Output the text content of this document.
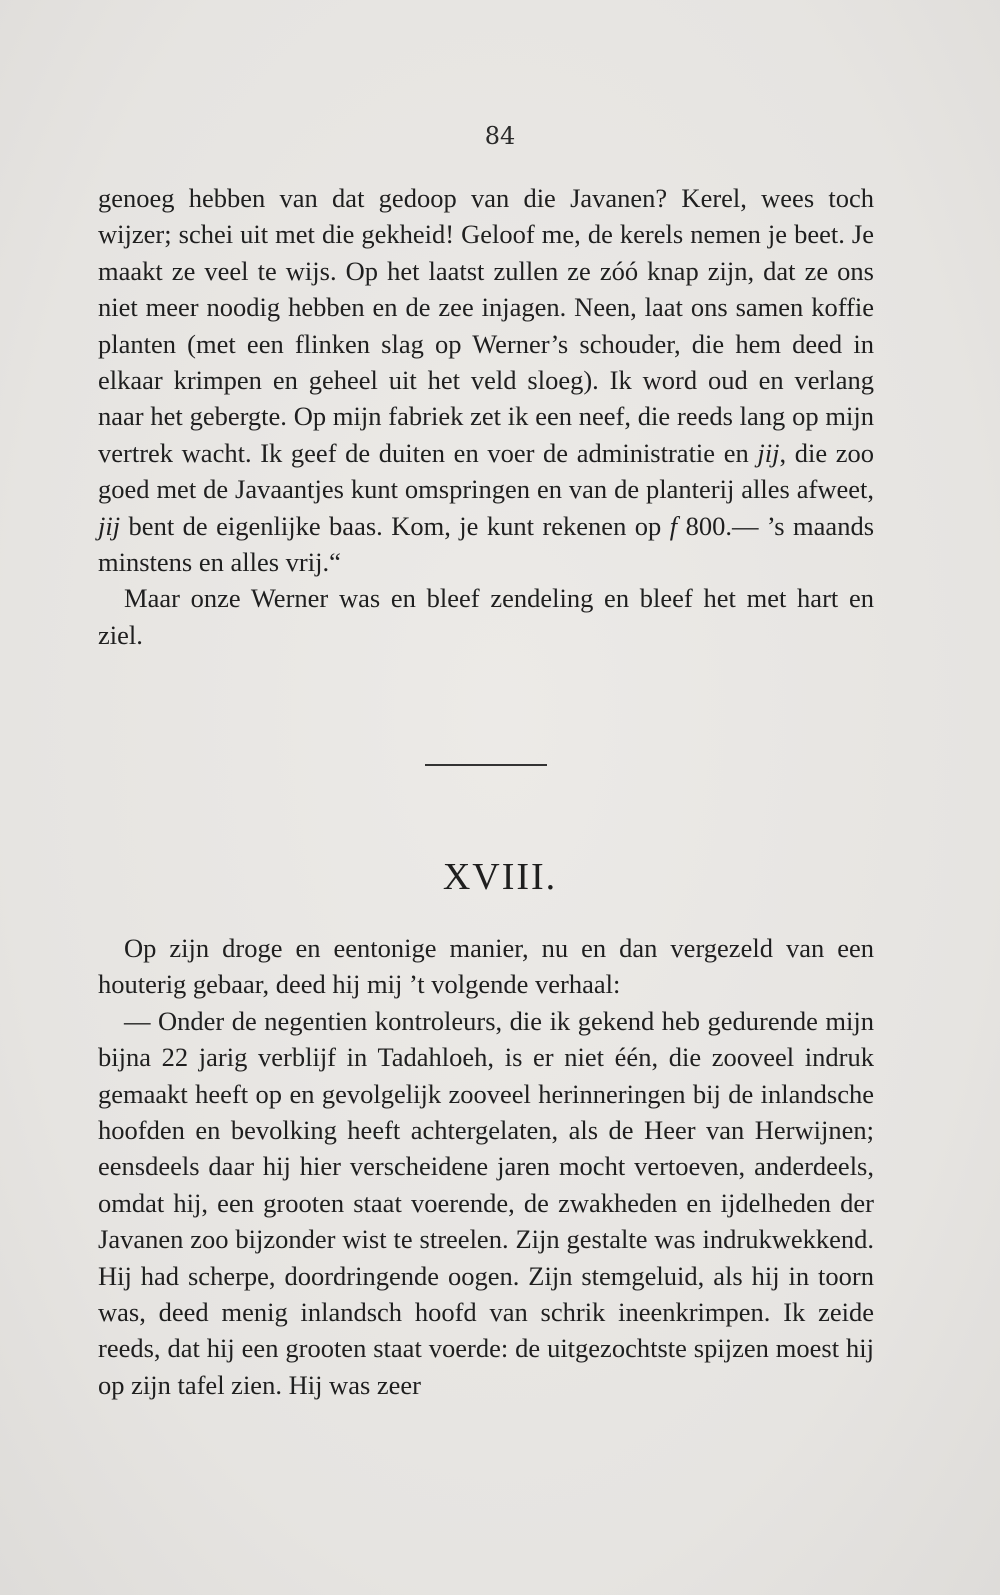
84

genoeg hebben van dat gedoop van die Javanen? Kerel, wees toch wijzer; schei uit met die gekheid! Geloof me, de kerels nemen je beet. Je maakt ze veel te wijs. Op het laatst zullen ze zóó knap zijn, dat ze ons niet meer noodig hebben en de zee injagen. Neen, laat ons samen koffie planten (met een flinken slag op Werner’s schouder, die hem deed in elkaar krimpen en geheel uit het veld sloeg). Ik word oud en verlang naar het gebergte. Op mijn fabriek zet ik een neef, die reeds lang op mijn vertrek wacht. Ik geef de duiten en voer de administratie en jij, die zoo goed met de Javaantjes kunt omspringen en van de planterij alles afweet, jij bent de eigenlijke baas. Kom, je kunt rekenen op f 800.— ’s maands minstens en alles vrij.“

Maar onze Werner was en bleef zendeling en bleef het met hart en ziel.

XVIII.

Op zijn droge en eentonige manier, nu en dan vergezeld van een houterig gebaar, deed hij mij ’t volgende verhaal:

— Onder de negentien kontroleurs, die ik gekend heb gedurende mijn bijna 22 jarig verblijf in Tadahloeh, is er niet één, die zooveel indruk gemaakt heeft op en gevolgelijk zooveel herinneringen bij de inlandsche hoofden en bevolking heeft achtergelaten, als de Heer van Herwijnen; eensdeels daar hij hier verscheidene jaren mocht vertoeven, anderdeels, omdat hij, een grooten staat voerende, de zwakheden en ijdelheden der Javanen zoo bijzonder wist te streelen. Zijn gestalte was indrukwekkend. Hij had scherpe, doordringende oogen. Zijn stemgeluid, als hij in toorn was, deed menig inlandsch hoofd van schrik ineenkrimpen. Ik zeide reeds, dat hij een grooten staat voerde: de uitgezochtste spijzen moest hij op zijn tafel zien. Hij was zeer
